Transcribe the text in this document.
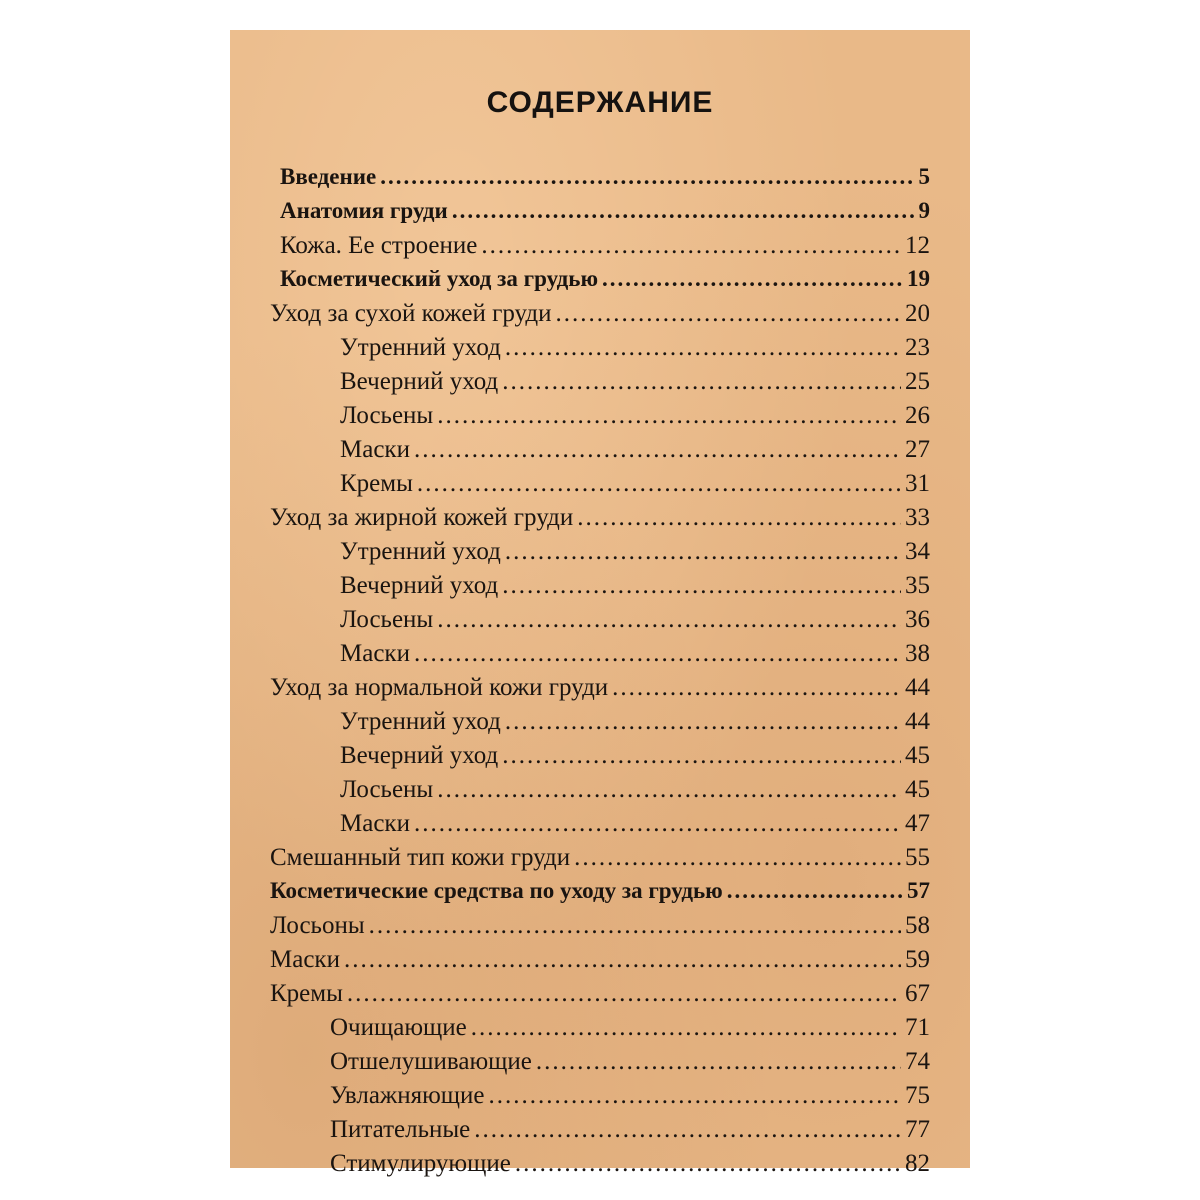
СОДЕРЖАНИЕ
Введение .....	5
Анатомия груди .....	9
Кожа. Ее строение .....	12
Косметический уход за грудью .....	19
Уход за сухой кожей груди .....	20
Утренний уход .....	23
Вечерний уход .....	25
Лосьены .....	26
Маски .....	27
Кремы .....	31
Уход за жирной кожей груди .....	33
Утренний уход .....	34
Вечерний уход .....	35
Лосьены .....	36
Маски .....	38
Уход за нормальной кожи груди .....	44
Утренний уход .....	44
Вечерний уход .....	45
Лосьены .....	45
Маски .....	47
Смешанный тип кожи груди .....	55
Косметические средства по уходу за грудью .....	57
Лосьоны .....	58
Маски .....	59
Кремы .....	67
Очищающие .....	71
Отшелушивающие .....	74
Увлажняющие .....	75
Питательные .....	77
Стимулирующие .....	82
